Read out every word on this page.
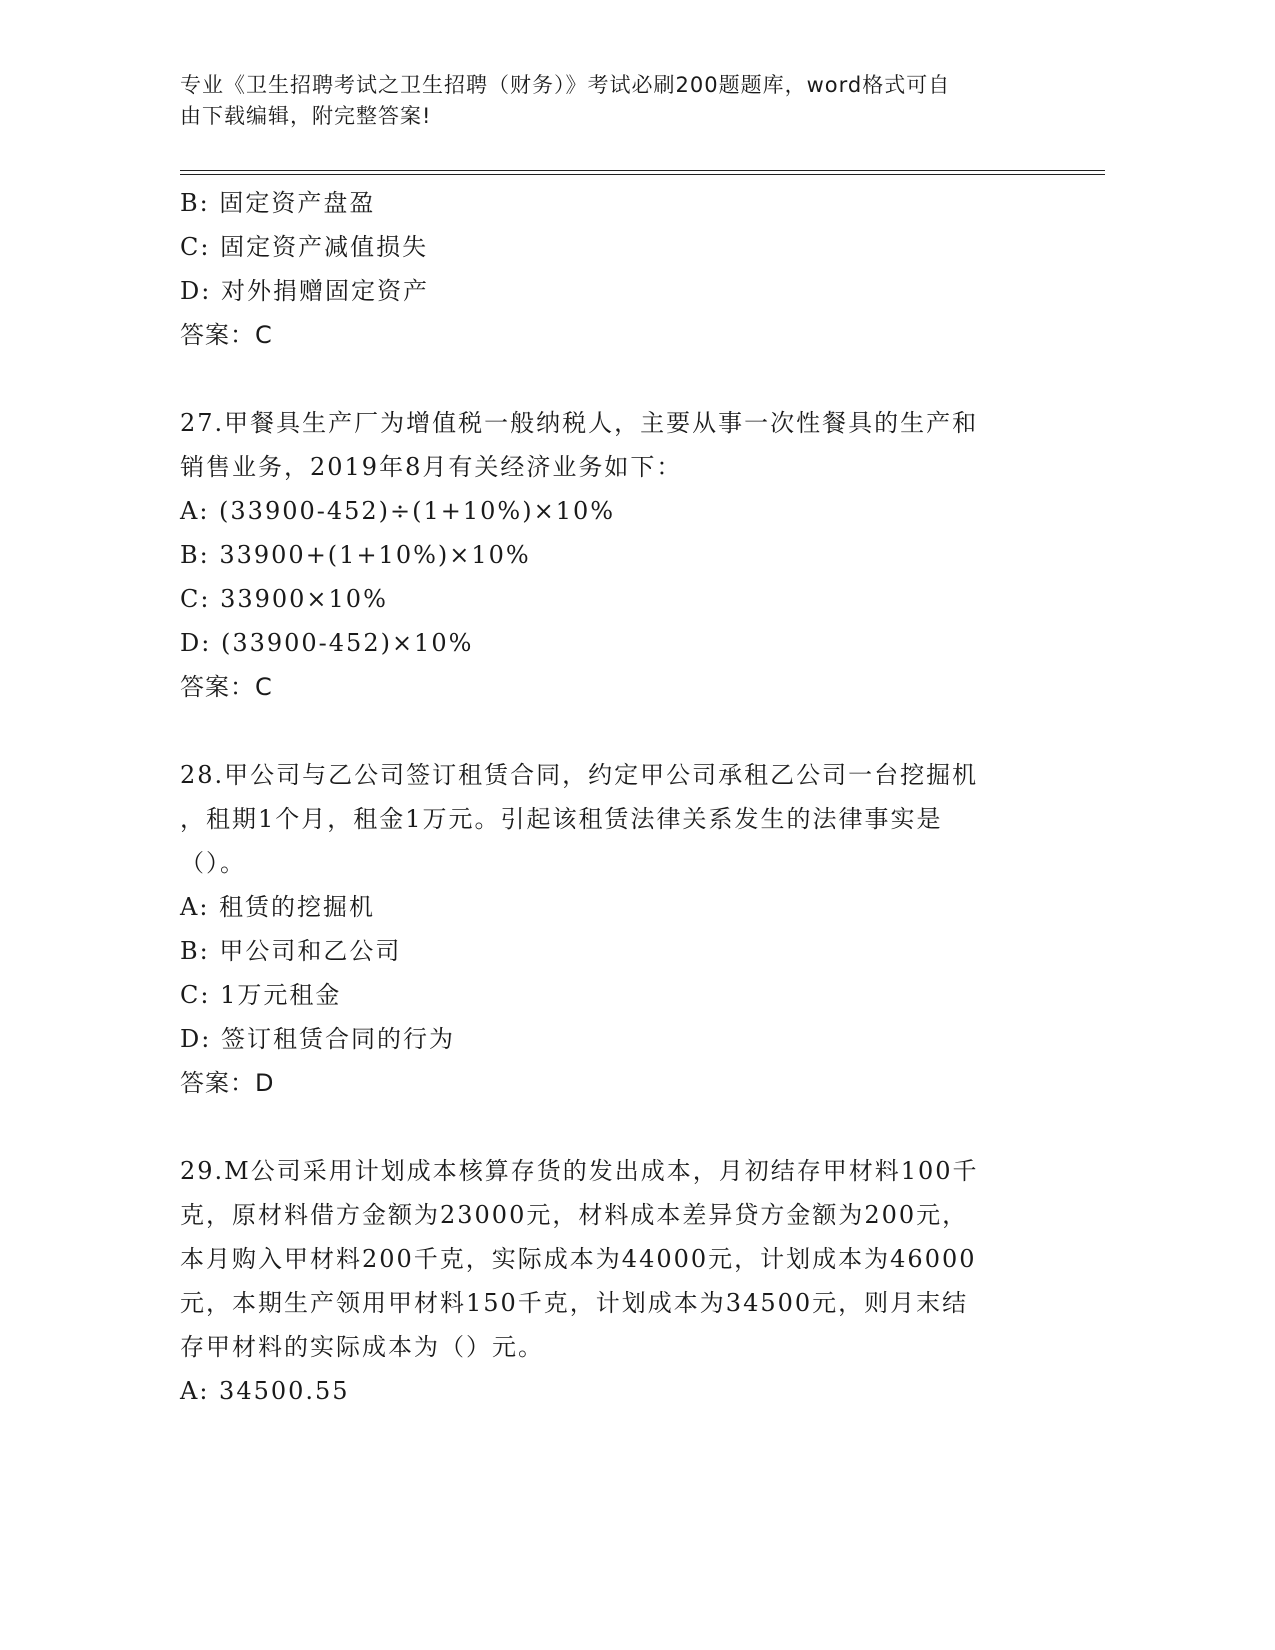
专业《卫生招聘考试之卫生招聘（财务）》考试必刷200题题库，word格式可自
由下载编辑，附完整答案!
B: 固定资产盘盈
C: 固定资产减值损失
D: 对外捐赠固定资产
答案：C
27.甲餐具生产厂为增值税一般纳税人，主要从事一次性餐具的生产和
销售业务，2019年8月有关经济业务如下：
A: (33900-452)÷(1+10%)×10%
B: 33900+(1+10%)×10%
C: 33900×10%
D: (33900-452)×10%
答案：C
28.甲公司与乙公司签订租赁合同，约定甲公司承租乙公司一台挖掘机
，租期1个月，租金1万元。引起该租赁法律关系发生的法律事实是
（）。
A: 租赁的挖掘机
B: 甲公司和乙公司
C: 1万元租金
D: 签订租赁合同的行为
答案：D
29.M公司采用计划成本核算存货的发出成本，月初结存甲材料100千
克，原材料借方金额为23000元，材料成本差异贷方金额为200元，
本月购入甲材料200千克，实际成本为44000元，计划成本为46000
元，本期生产领用甲材料150千克，计划成本为34500元，则月末结
存甲材料的实际成本为（）元。
A: 34500.55
